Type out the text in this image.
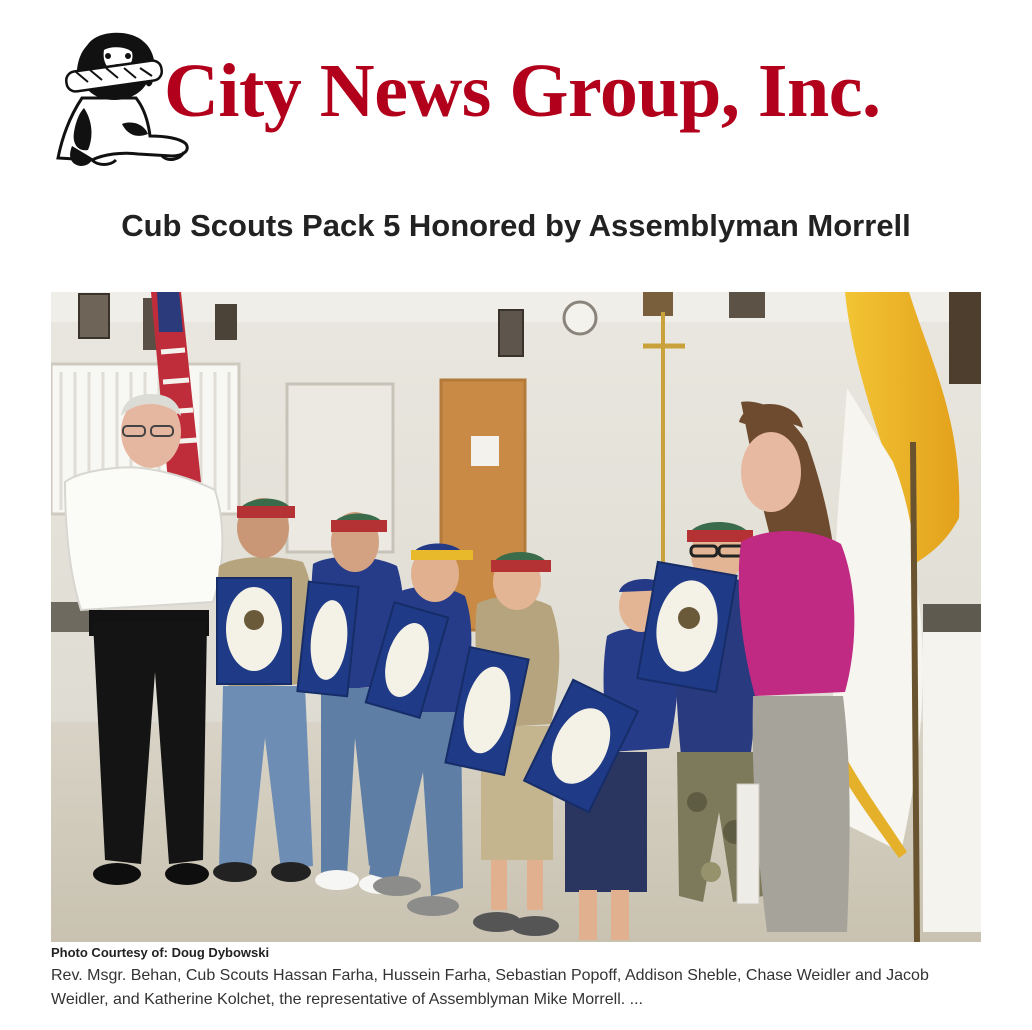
City News Group, Inc.
Cub Scouts Pack 5 Honored by Assemblyman Morrell
Photo Courtesy of: Doug Dybowski

Rev. Msgr. Behan, Cub Scouts Hassan Farha, Hussein Farha, Sebastian Popoff, Addison Sheble, Chase Weidler and Jacob Weidler, and Katherine Kolchet, the representative of Assemblyman Mike Morrell. ...
